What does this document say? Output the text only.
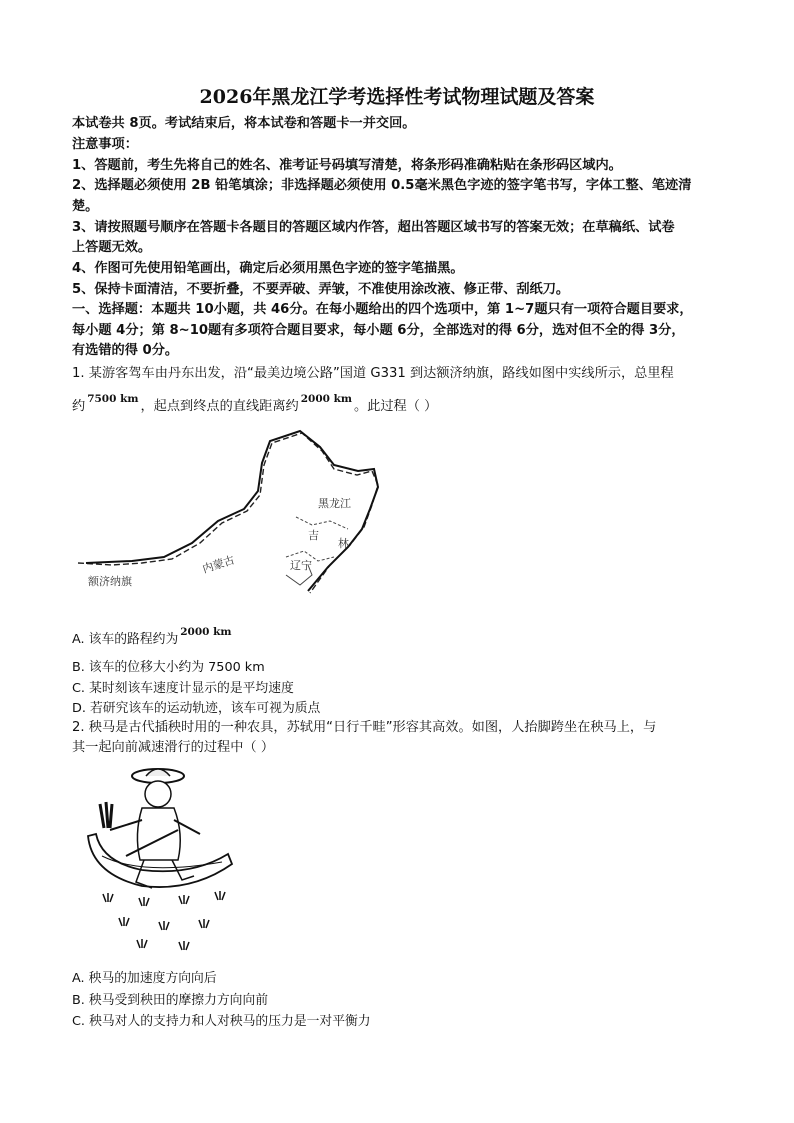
2026年黑龙江学考选择性考试物理试题及答案
本试卷共 8页。考试结束后，将本试卷和答题卡一并交回。
注意事项：
1、答题前，考生先将自己的姓名、准考证号码填写清楚，将条形码准确粘贴在条形码区域内。
2、选择题必须使用 2B 铅笔填涂；非选择题必须使用 0.5毫米黑色字迹的签字笔书写，字体工整、笔迹清
楚。
3、请按照题号顺序在答题卡各题目的答题区域内作答，超出答题区域书写的答案无效；在草稿纸、试卷
上答题无效。
4、作图可先使用铅笔画出，确定后必须用黑色字迹的签字笔描黑。
5、保持卡面清洁，不要折叠，不要弄破、弄皱，不准使用涂改液、修正带、刮纸刀。
一、选择题：本题共 10小题，共 46分。在每小题给出的四个选项中，第 1~7题只有一项符合题目要求，
每小题 4分；第 8~10题有多项符合题目要求，每小题 6分，全部选对的得 6分，选对但不全的得 3分，
有选错的得 0分。
1. 某游客驾车由丹东出发，沿“最美边境公路”国道 G331 到达额济纳旗，路线如图中实线所示，总里程
约 $^{7500 km}$ ，起点到终点的直线距离约 $^{2000 km}$ 。此过程（ ）
黑龙江
吉
林
辽宁
内蒙古
额济纳旗
A. 该车的路程约为 $^{2000 km}$
B. 该车的位移大小约为 7500 km
C. 某时刻该车速度计显示的是平均速度
D. 若研究该车的运动轨迹，该车可视为质点
2. 秧马是古代插秧时用的一种农具，苏轼用“日行千畦”形容其高效。如图，人抬脚跨坐在秧马上，与
其一起向前减速滑行的过程中（ ）
A. 秧马的加速度方向向后
B. 秧马受到秧田的摩擦力方向向前
C. 秧马对人的支持力和人对秧马的压力是一对平衡力
